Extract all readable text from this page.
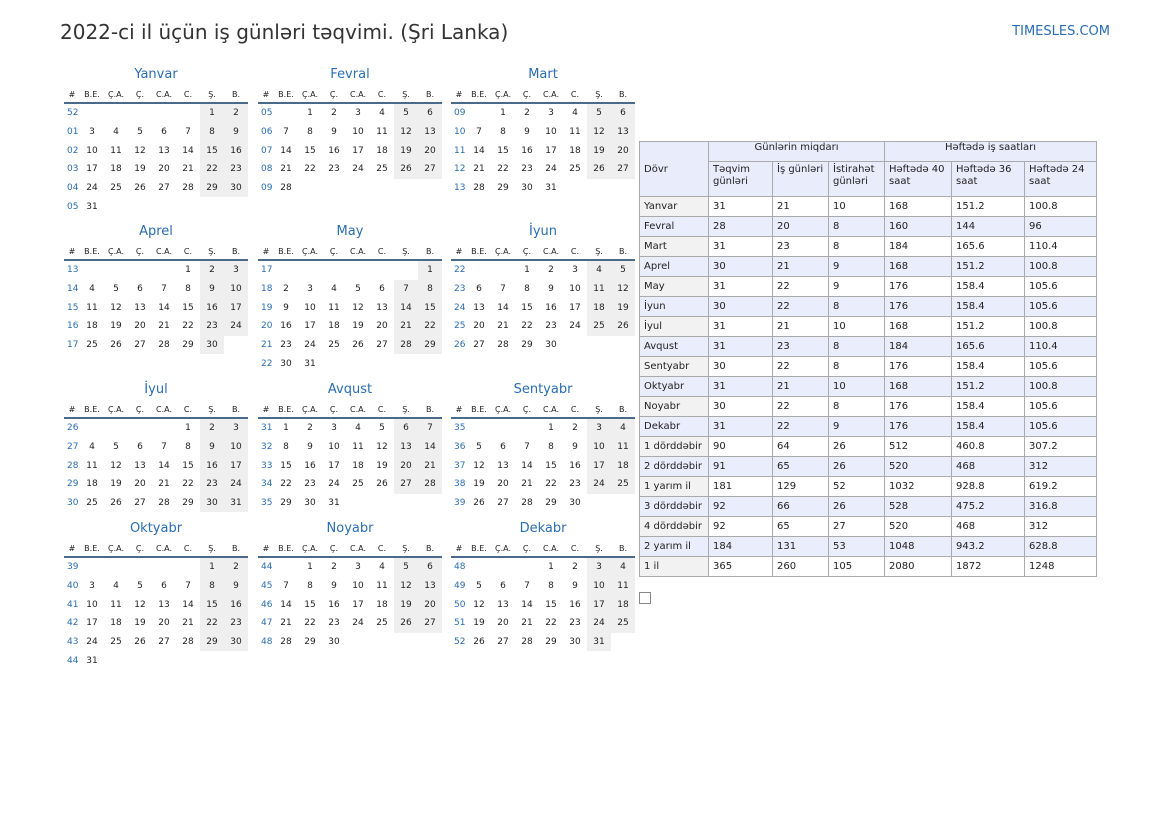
2022-ci il üçün iş günləri təqvimi. (Şri Lanka)	TIMESLES.COM
Yanvar
#	B.E.	Ç.A.	Ç.	C.A.	C.	Ş.	B.
52						1	2
01	3	4	5	6	7	8	9
02	10	11	12	13	14	15	16
03	17	18	19	20	21	22	23
04	24	25	26	27	28	29	30
05	31						
Fevral
#	B.E.	Ç.A.	Ç.	C.A.	C.	Ş.	B.
05		1	2	3	4	5	6
06	7	8	9	10	11	12	13
07	14	15	16	17	18	19	20
08	21	22	23	24	25	26	27
09	28						
Mart
#	B.E.	Ç.A.	Ç.	C.A.	C.	Ş.	B.
09		1	2	3	4	5	6
10	7	8	9	10	11	12	13
11	14	15	16	17	18	19	20
12	21	22	23	24	25	26	27
13	28	29	30	31			
Aprel
#	B.E.	Ç.A.	Ç.	C.A.	C.	Ş.	B.
13					1	2	3
14	4	5	6	7	8	9	10
15	11	12	13	14	15	16	17
16	18	19	20	21	22	23	24
17	25	26	27	28	29	30	
May
#	B.E.	Ç.A.	Ç.	C.A.	C.	Ş.	B.
17							1
18	2	3	4	5	6	7	8
19	9	10	11	12	13	14	15
20	16	17	18	19	20	21	22
21	23	24	25	26	27	28	29
22	30	31					
İyun
#	B.E.	Ç.A.	Ç.	C.A.	C.	Ş.	B.
22			1	2	3	4	5
23	6	7	8	9	10	11	12
24	13	14	15	16	17	18	19
25	20	21	22	23	24	25	26
26	27	28	29	30			
İyul
#	B.E.	Ç.A.	Ç.	C.A.	C.	Ş.	B.
26					1	2	3
27	4	5	6	7	8	9	10
28	11	12	13	14	15	16	17
29	18	19	20	21	22	23	24
30	25	26	27	28	29	30	31
Avqust
#	B.E.	Ç.A.	Ç.	C.A.	C.	Ş.	B.
31	1	2	3	4	5	6	7
32	8	9	10	11	12	13	14
33	15	16	17	18	19	20	21
34	22	23	24	25	26	27	28
35	29	30	31				
Sentyabr
#	B.E.	Ç.A.	Ç.	C.A.	C.	Ş.	B.
35				1	2	3	4
36	5	6	7	8	9	10	11
37	12	13	14	15	16	17	18
38	19	20	21	22	23	24	25
39	26	27	28	29	30		
Oktyabr
#	B.E.	Ç.A.	Ç.	C.A.	C.	Ş.	B.
39						1	2
40	3	4	5	6	7	8	9
41	10	11	12	13	14	15	16
42	17	18	19	20	21	22	23
43	24	25	26	27	28	29	30
44	31						
Noyabr
#	B.E.	Ç.A.	Ç.	C.A.	C.	Ş.	B.
44		1	2	3	4	5	6
45	7	8	9	10	11	12	13
46	14	15	16	17	18	19	20
47	21	22	23	24	25	26	27
48	28	29	30				
Dekabr
#	B.E.	Ç.A.	Ç.	C.A.	C.	Ş.	B.
48				1	2	3	4
49	5	6	7	8	9	10	11
50	12	13	14	15	16	17	18
51	19	20	21	22	23	24	25
52	26	27	28	29	30	31	
Dövr	Günlərin miqdarı			Həftədə iş saatları		
	Təqvim günləri	İş günləri	İstirahət günləri	Həftədə 40 saat	Həftədə 36 saat	Həftədə 24 saat
Yanvar	31	21	10	168	151.2	100.8
Fevral	28	20	8	160	144	96
Mart	31	23	8	184	165.6	110.4
Aprel	30	21	9	168	151.2	100.8
May	31	22	9	176	158.4	105.6
İyun	30	22	8	176	158.4	105.6
İyul	31	21	10	168	151.2	100.8
Avqust	31	23	8	184	165.6	110.4
Sentyabr	30	22	8	176	158.4	105.6
Oktyabr	31	21	10	168	151.2	100.8
Noyabr	30	22	8	176	158.4	105.6
Dekabr	31	22	9	176	158.4	105.6
1 dörddəbir	90	64	26	512	460.8	307.2
2 dörddəbir	91	65	26	520	468	312
1 yarım il	181	129	52	1032	928.8	619.2
3 dörddəbir	92	66	26	528	475.2	316.8
4 dörddəbir	92	65	27	520	468	312
2 yarım il	184	131	53	1048	943.2	628.8
1 il	365	260	105	2080	1872	1248
